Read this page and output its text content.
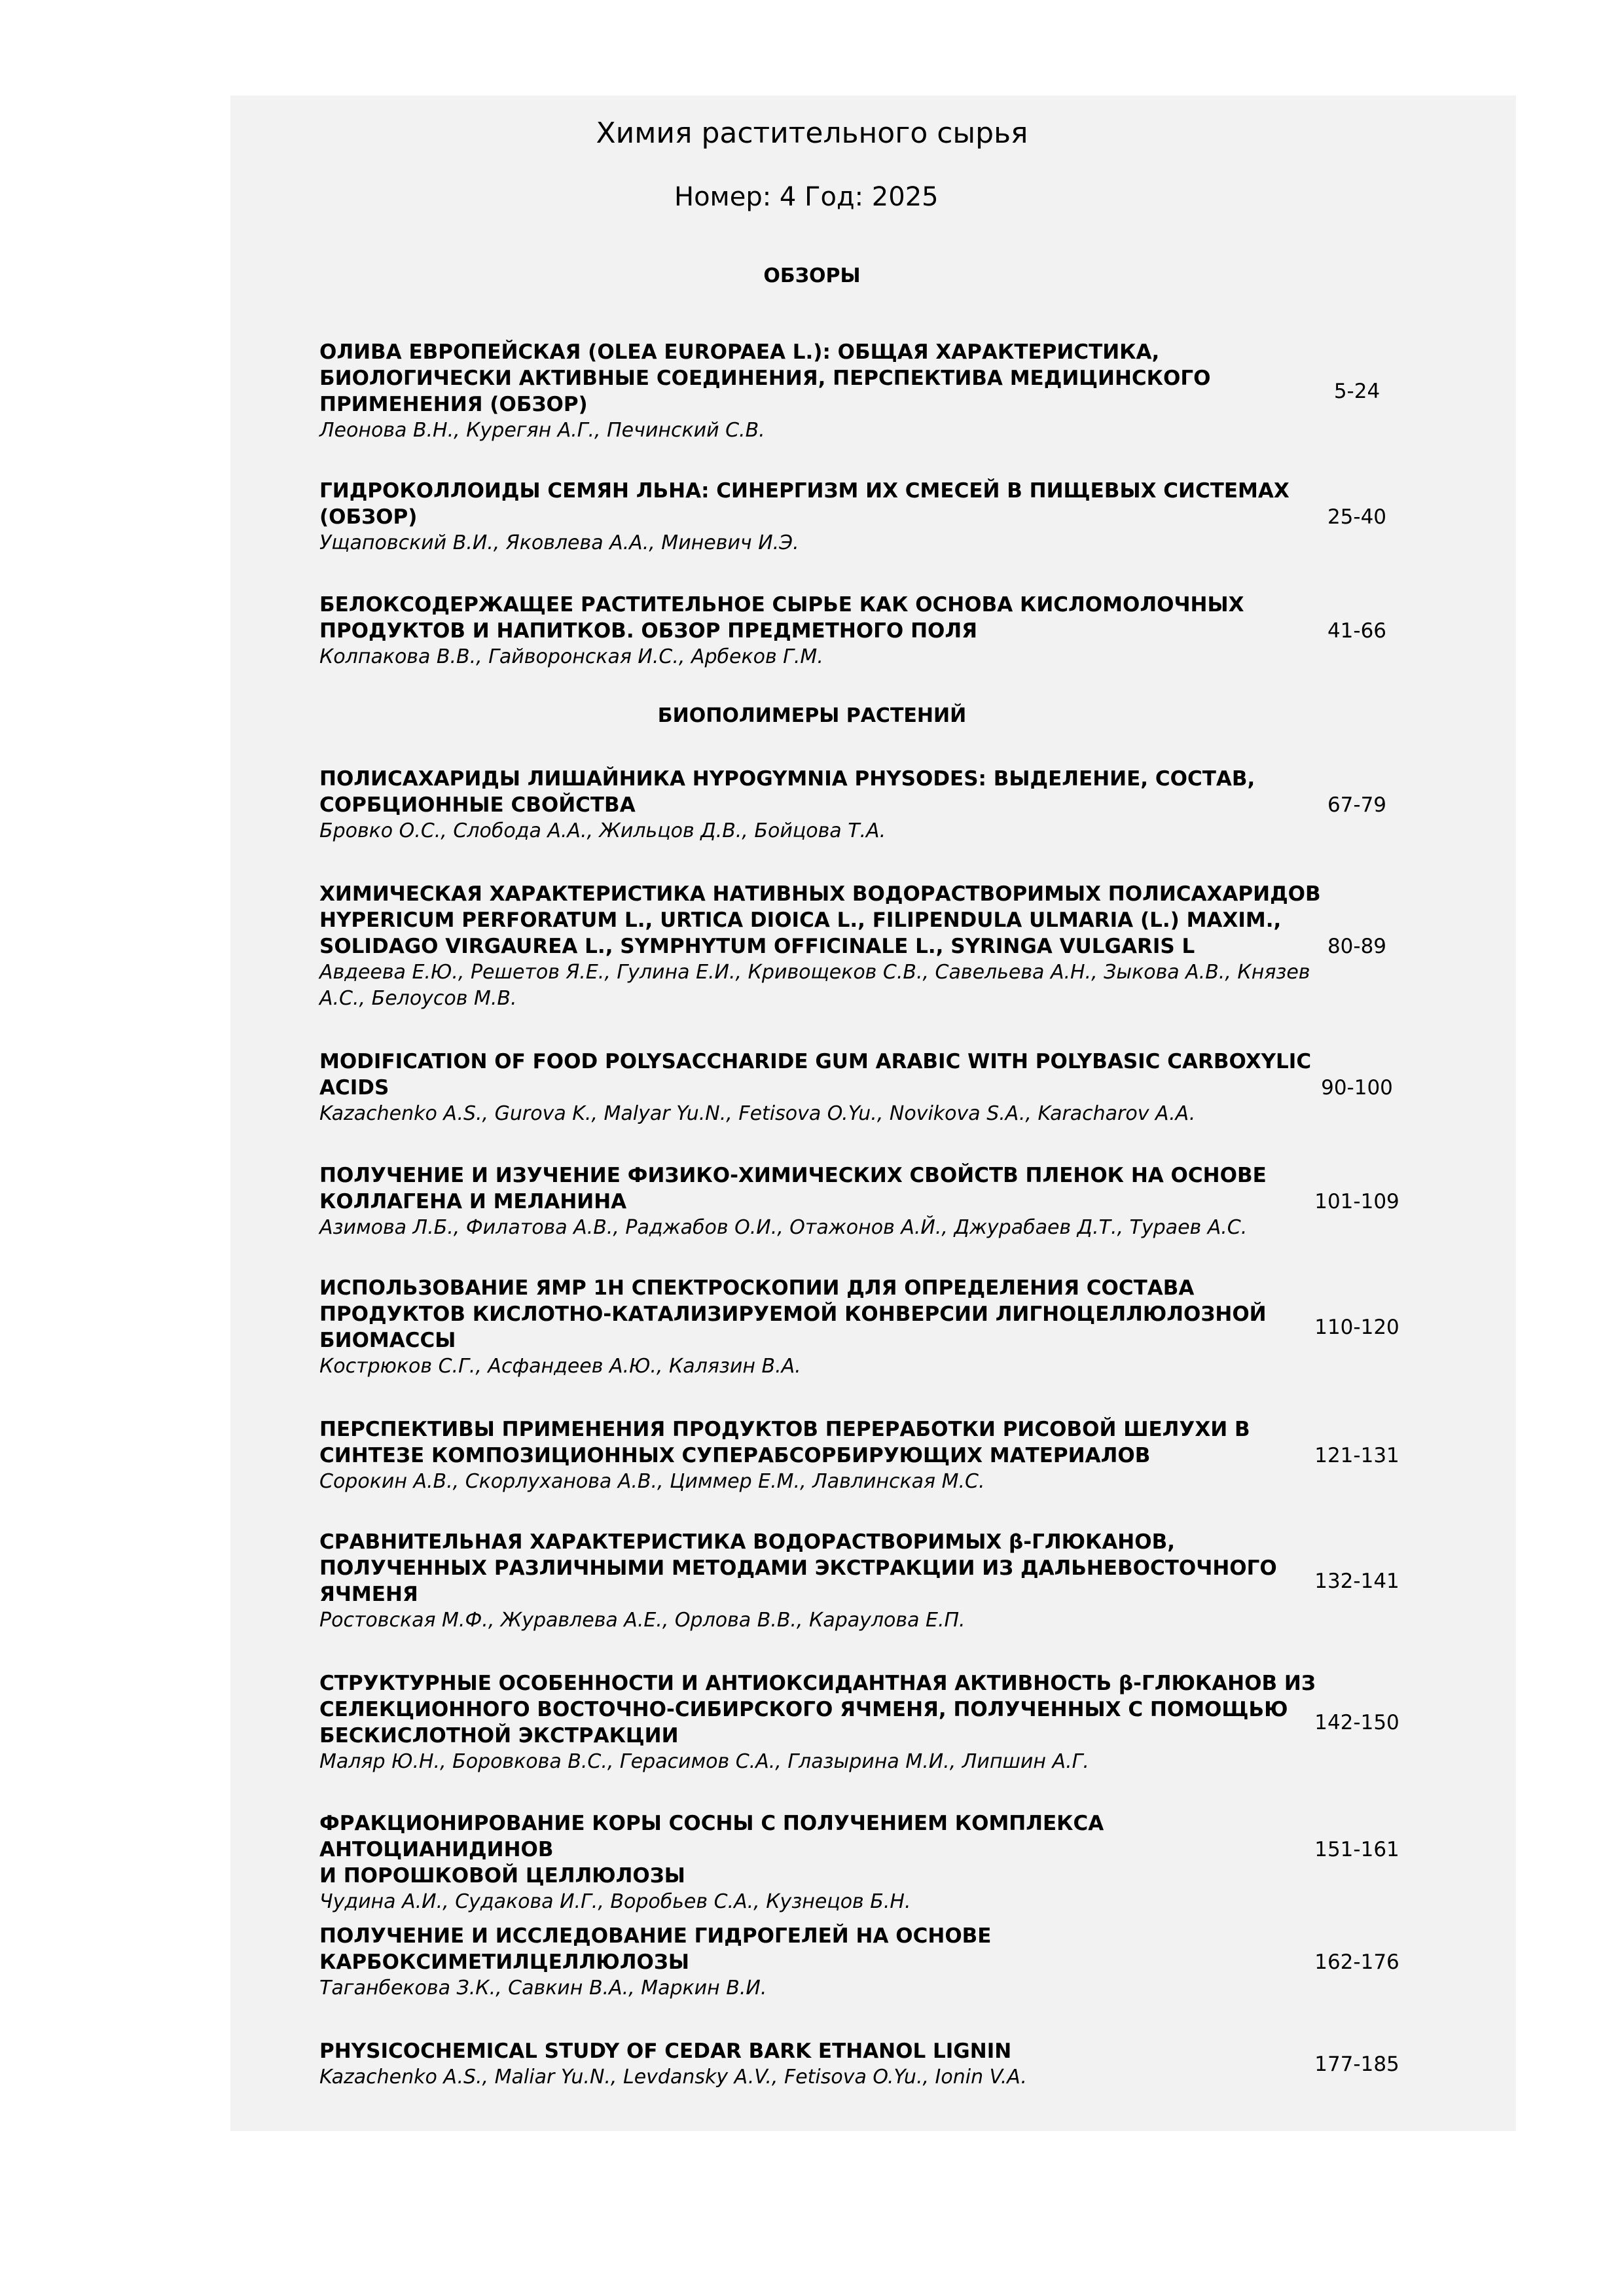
Химия растительного сырья
Номер: 4 Год: 2025
ОБЗОРЫ
БИОПОЛИМЕРЫ РАСТЕНИЙ
ОЛИВА ЕВРОПЕЙСКАЯ (OLEA EUROPAEA L.): ОБЩАЯ ХАРАКТЕРИСТИКА,
БИОЛОГИЧЕСКИ АКТИВНЫЕ СОЕДИНЕНИЯ, ПЕРСПЕКТИВА МЕДИЦИНСКОГО
ПРИМЕНЕНИЯ (ОБЗОР)
Леонова В.Н., Курегян А.Г., Печинский С.В.
5-24
ГИДРОКОЛЛОИДЫ СЕМЯН ЛЬНА: СИНЕРГИЗМ ИХ СМЕСЕЙ В ПИЩЕВЫХ СИСТЕМАХ
(ОБЗОР)
Ущаповский В.И., Яковлева А.А., Миневич И.Э.
25-40
БЕЛОКСОДЕРЖАЩЕЕ РАСТИТЕЛЬНОЕ СЫРЬЕ КАК ОСНОВА КИСЛОМОЛОЧНЫХ
ПРОДУКТОВ И НАПИТКОВ. ОБЗОР ПРЕДМЕТНОГО ПОЛЯ
Колпакова В.В., Гайворонская И.С., Арбеков Г.М.
41-66
ПОЛИСАХАРИДЫ ЛИШАЙНИКА HYPOGYMNIA PHYSODES: ВЫДЕЛЕНИЕ, СОСТАВ,
СОРБЦИОННЫЕ СВОЙСТВА
Бровко О.С., Слобода А.А., Жильцов Д.В., Бойцова Т.А.
67-79
ХИМИЧЕСКАЯ ХАРАКТЕРИСТИКА НАТИВНЫХ ВОДОРАСТВОРИМЫХ ПОЛИСАХАРИДОВ
HYPERICUM PERFORATUM L., URTICA DIOICA L., FILIPENDULA ULMARIA (L.) MAXIM.,
SOLIDAGO VIRGAUREA L., SYMPHYTUM OFFICINALE L., SYRINGA VULGARIS L
Авдеева Е.Ю., Решетов Я.Е., Гулина Е.И., Кривощеков С.В., Савельева А.Н., Зыкова А.В., Князев
А.С., Белоусов М.В.
80-89
MODIFICATION OF FOOD POLYSACCHARIDE GUM ARABIC WITH POLYBASIC CARBOXYLIC
ACIDS
Kazachenko A.S., Gurova K., Malyar Yu.N., Fetisova O.Yu., Novikova S.A., Karacharov A.A.
90-100
ПОЛУЧЕНИЕ И ИЗУЧЕНИЕ ФИЗИКО-ХИМИЧЕСКИХ СВОЙСТВ ПЛЕНОК НА ОСНОВЕ
КОЛЛАГЕНА И МЕЛАНИНА
Азимова Л.Б., Филатова А.В., Раджабов О.И., Отажонов А.Й., Джурабаев Д.Т., Тураев А.С.
101-109
ИСПОЛЬЗОВАНИЕ ЯМР 1H СПЕКТРОСКОПИИ ДЛЯ ОПРЕДЕЛЕНИЯ СОСТАВА
ПРОДУКТОВ КИСЛОТНО-КАТАЛИЗИРУЕМОЙ КОНВЕРСИИ ЛИГНОЦЕЛЛЮЛОЗНОЙ
БИОМАССЫ
Кострюков С.Г., Асфандеев А.Ю., Калязин В.А.
110-120
ПЕРСПЕКТИВЫ ПРИМЕНЕНИЯ ПРОДУКТОВ ПЕРЕРАБОТКИ РИСОВОЙ ШЕЛУХИ В
СИНТЕЗЕ КОМПОЗИЦИОННЫХ СУПЕРАБСОРБИРУЮЩИХ МАТЕРИАЛОВ
Сорокин А.В., Скорлуханова А.В., Циммер Е.М., Лавлинская М.С.
121-131
СРАВНИТЕЛЬНАЯ ХАРАКТЕРИСТИКА ВОДОРАСТВОРИМЫХ β-ГЛЮКАНОВ,
ПОЛУЧЕННЫХ РАЗЛИЧНЫМИ МЕТОДАМИ ЭКСТРАКЦИИ ИЗ ДАЛЬНЕВОСТОЧНОГО
ЯЧМЕНЯ
Ростовская М.Ф., Журавлева А.Е., Орлова В.В., Караулова Е.П.
132-141
СТРУКТУРНЫЕ ОСОБЕННОСТИ И АНТИОКСИДАНТНАЯ АКТИВНОСТЬ β-ГЛЮКАНОВ ИЗ
СЕЛЕКЦИОННОГО ВОСТОЧНО-СИБИРСКОГО ЯЧМЕНЯ, ПОЛУЧЕННЫХ С ПОМОЩЬЮ
БЕСКИСЛОТНОЙ ЭКСТРАКЦИИ
Маляр Ю.Н., Боровкова В.С., Герасимов С.А., Глазырина М.И., Липшин А.Г.
142-150
ФРАКЦИОНИРОВАНИЕ КОРЫ СОСНЫ С ПОЛУЧЕНИЕМ КОМПЛЕКСА АНТОЦИАНИДИНОВ
И ПОРОШКОВОЙ ЦЕЛЛЮЛОЗЫ
Чудина А.И., Судакова И.Г., Воробьев С.А., Кузнецов Б.Н.
151-161
ПОЛУЧЕНИЕ И ИССЛЕДОВАНИЕ ГИДРОГЕЛЕЙ НА ОСНОВЕ
КАРБОКСИМЕТИЛЦЕЛЛЮЛОЗЫ
Таганбекова З.К., Савкин В.А., Маркин В.И.
162-176
PHYSICOCHEMICAL STUDY OF CEDAR BARK ETHANOL LIGNIN
Kazachenko A.S., Maliar Yu.N., Levdansky A.V., Fetisova O.Yu., Ionin V.A.
177-185
